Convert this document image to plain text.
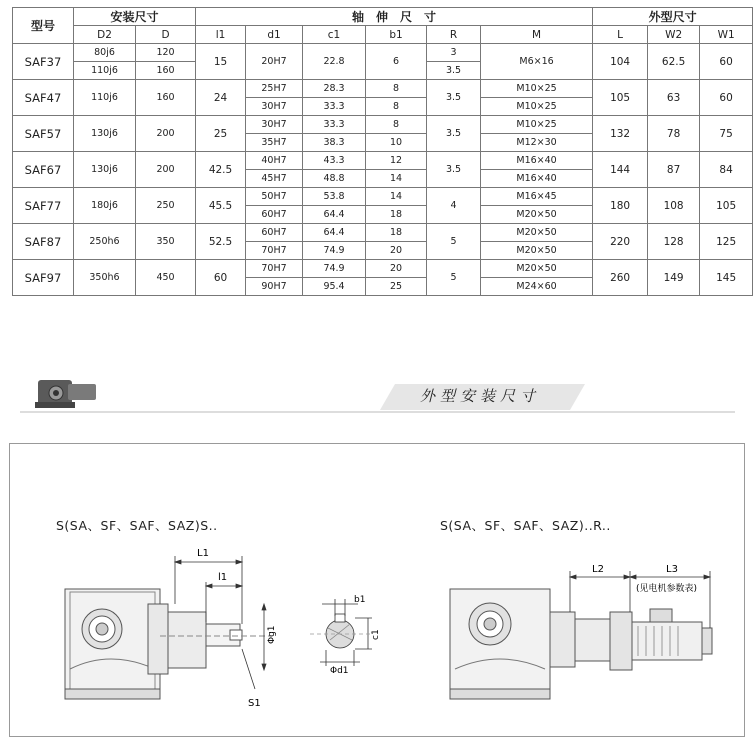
型号	安装尺寸		轴　伸　尺　寸						外型尺寸		
	D2	D	l1	d1	c1	b1	R	M	L	W2	W1
SAF37	80j6	120	15	20H7	22.8	6	3	M6×16	104	62.5	60
	110j6	160					3.5				
SAF47	110j6	160	24	25H7	28.3	8	3.5	M10×25	105	63	60
				30H7	33.3	8		M10×25			
SAF57	130j6	200	25	30H7	33.3	8	3.5	M10×25	132	78	75
				35H7	38.3	10		M12×30			
SAF67	130j6	200	42.5	40H7	43.3	12	3.5	M16×40	144	87	84
				45H7	48.8	14		M16×40			
SAF77	180j6	250	45.5	50H7	53.8	14	4	M16×45	180	108	105
				60H7	64.4	18		M20×50			
SAF87	250h6	350	52.5	60H7	64.4	18	5	M20×50	220	128	125
				70H7	74.9	20		M20×50			
SAF97	350h6	450	60	70H7	74.9	20	5	M20×50	260	149	145
				90H7	95.4	25		M24×60			
外型安装尺寸
S(SA、SF、SAF、SAZ)S..	S(SA、SF、SAF、SAZ)..R..
L1
l1
Φg1
S1
b1
c1
Φd1
L2	L3
(见电机参数表)
